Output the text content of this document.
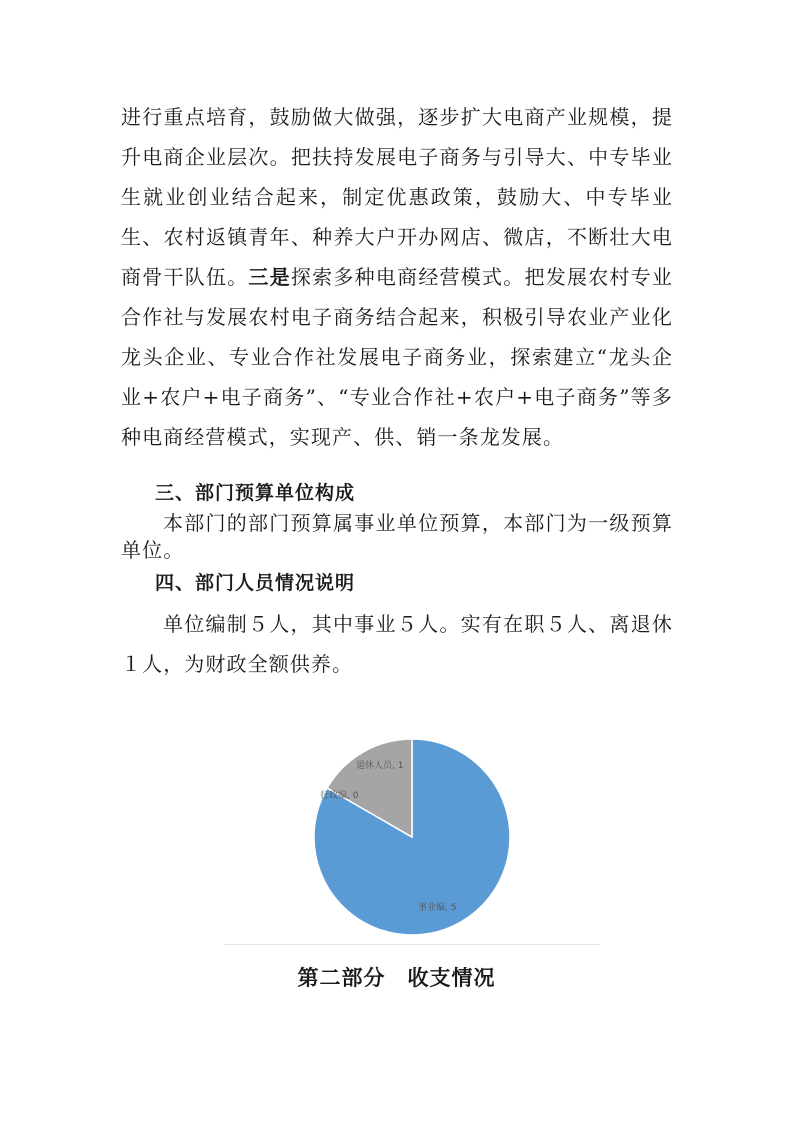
进行重点培育，鼓励做大做强，逐步扩大电商产业规模，提升电商企业层次。把扶持发展电子商务与引导大、中专毕业生就业创业结合起来，制定优惠政策，鼓励大、中专毕业生、农村返镇青年、种养大户开办网店、微店，不断壮大电商骨干队伍。三是探索多种电商经营模式。把发展农村专业合作社与发展农村电子商务结合起来，积极引导农业产业化龙头企业、专业合作社发展电子商务业，探索建立“龙头企业+农户+电子商务”、“专业合作社+农户+电子商务”等多种电商经营模式，实现产、供、销一条龙发展。

三、部门预算单位构成

本部门的部门预算属事业单位预算，本部门为一级预算单位。

四、部门人员情况说明

单位编制５人，其中事业５人。实有在职５人、离退休１人，为财政全额供养。

事业编, 5
行政编, 0
退休人员, 1
第二部分　收支情况
